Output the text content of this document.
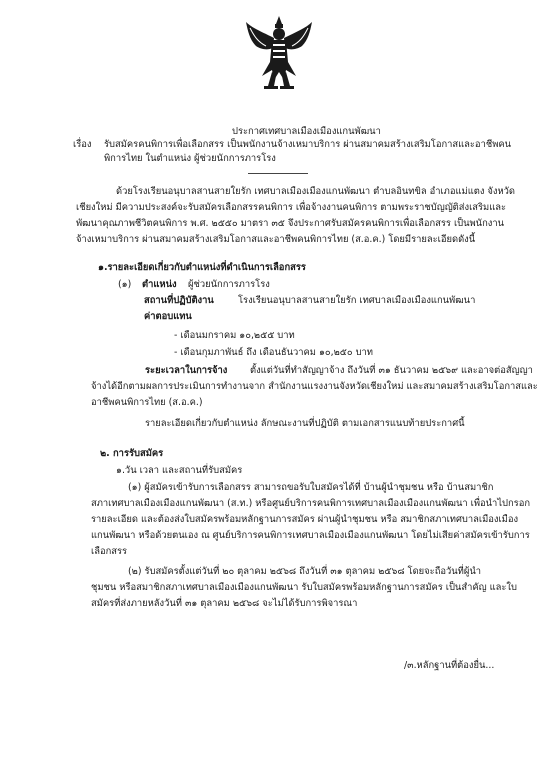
ประกาศเทศบาลเมืองเมืองแกนพัฒนา
เรื่อง รับสมัครคนพิการเพื่อเลือกสรร เป็นพนักงานจ้างเหมาบริการ ผ่านสมาคมสร้างเสริมโอกาสและอาชีพคน
พิการไทย ในตำแหน่ง ผู้ช่วยนักการภารโรง
ด้วยโรงเรียนอนุบาลสานสายใยรัก เทศบาลเมืองเมืองแกนพัฒนา ตำบลอินทขิล อำเภอแม่แตง จังหวัด
เชียงใหม่ มีความประสงค์จะรับสมัครเลือกสรรคนพิการ เพื่อจ้างงานคนพิการ ตามพระราชบัญญัติส่งเสริมและ
พัฒนาคุณภาพชีวิตคนพิการ พ.ศ. ๒๕๕๐ มาตรา ๓๕ จึงประกาศรับสมัครคนพิการเพื่อเลือกสรร เป็นพนักงาน
จ้างเหมาบริการ ผ่านสมาคมสร้างเสริมโอกาสและอาชีพคนพิการไทย (ส.อ.ค.) โดยมีรายละเอียดดังนี้
๑.รายละเอียดเกี่ยวกับตำแหน่งที่ดำเนินการเลือกสรร
(๑) ตำแหน่ง ผู้ช่วยนักการภารโรง
สถานที่ปฏิบัติงาน	โรงเรียนอนุบาลสานสายใยรัก เทศบาลเมืองเมืองแกนพัฒนา
ค่าตอบแทน
- เดือนมกราคม ๑๐,๒๕๕ บาท
- เดือนกุมภาพันธ์ ถึง เดือนธันวาคม ๑๐,๒๕๐ บาท
ระยะเวลาในการจ้าง ตั้งแต่วันที่ทำสัญญาจ้าง ถึงวันที่ ๓๑ ธันวาคม ๒๕๖๙ และอาจต่อสัญญา
จ้างได้อีกตามผลการประเมินการทำงานจาก สำนักงานแรงงานจังหวัดเชียงใหม่ และสมาคมสร้างเสริมโอกาสและ
อาชีพคนพิการไทย (ส.อ.ค.)
รายละเอียดเกี่ยวกับตำแหน่ง ลักษณะงานที่ปฏิบัติ ตามเอกสารแนบท้ายประกาศนี้
๒. การรับสมัคร
๑.วัน เวลา และสถานที่รับสมัคร
(๑) ผู้สมัครเข้ารับการเลือกสรร สามารถขอรับใบสมัครได้ที่ บ้านผู้นำชุมชน หรือ บ้านสมาชิก
สภาเทศบาลเมืองเมืองแกนพัฒนา (ส.ท.) หรือศูนย์บริการคนพิการเทศบาลเมืองเมืองแกนพัฒนา เพื่อนำไปกรอก
รายละเอียด และต้องส่งใบสมัครพร้อมหลักฐานการสมัคร ผ่านผู้นำชุมชน หรือ สมาชิกสภาเทศบาลเมืองเมือง
แกนพัฒนา หรือด้วยตนเอง ณ ศูนย์บริการคนพิการเทศบาลเมืองเมืองแกนพัฒนา โดยไม่เสียค่าสมัครเข้ารับการ
เลือกสรร
(๒) รับสมัครตั้งแต่วันที่ ๒๐ ตุลาคม ๒๕๖๘ ถึงวันที่ ๓๑ ตุลาคม ๒๕๖๘ โดยจะถือวันที่ผู้นำ
ชุมชน หรือสมาชิกสภาเทศบาลเมืองเมืองแกนพัฒนา รับใบสมัครพร้อมหลักฐานการสมัคร เป็นสำคัญ และใบ
สมัครที่ส่งภายหลังวันที่ ๓๑ ตุลาคม ๒๕๖๘ จะไม่ได้รับการพิจารณา
/๓.หลักฐานที่ต้องยื่น...
